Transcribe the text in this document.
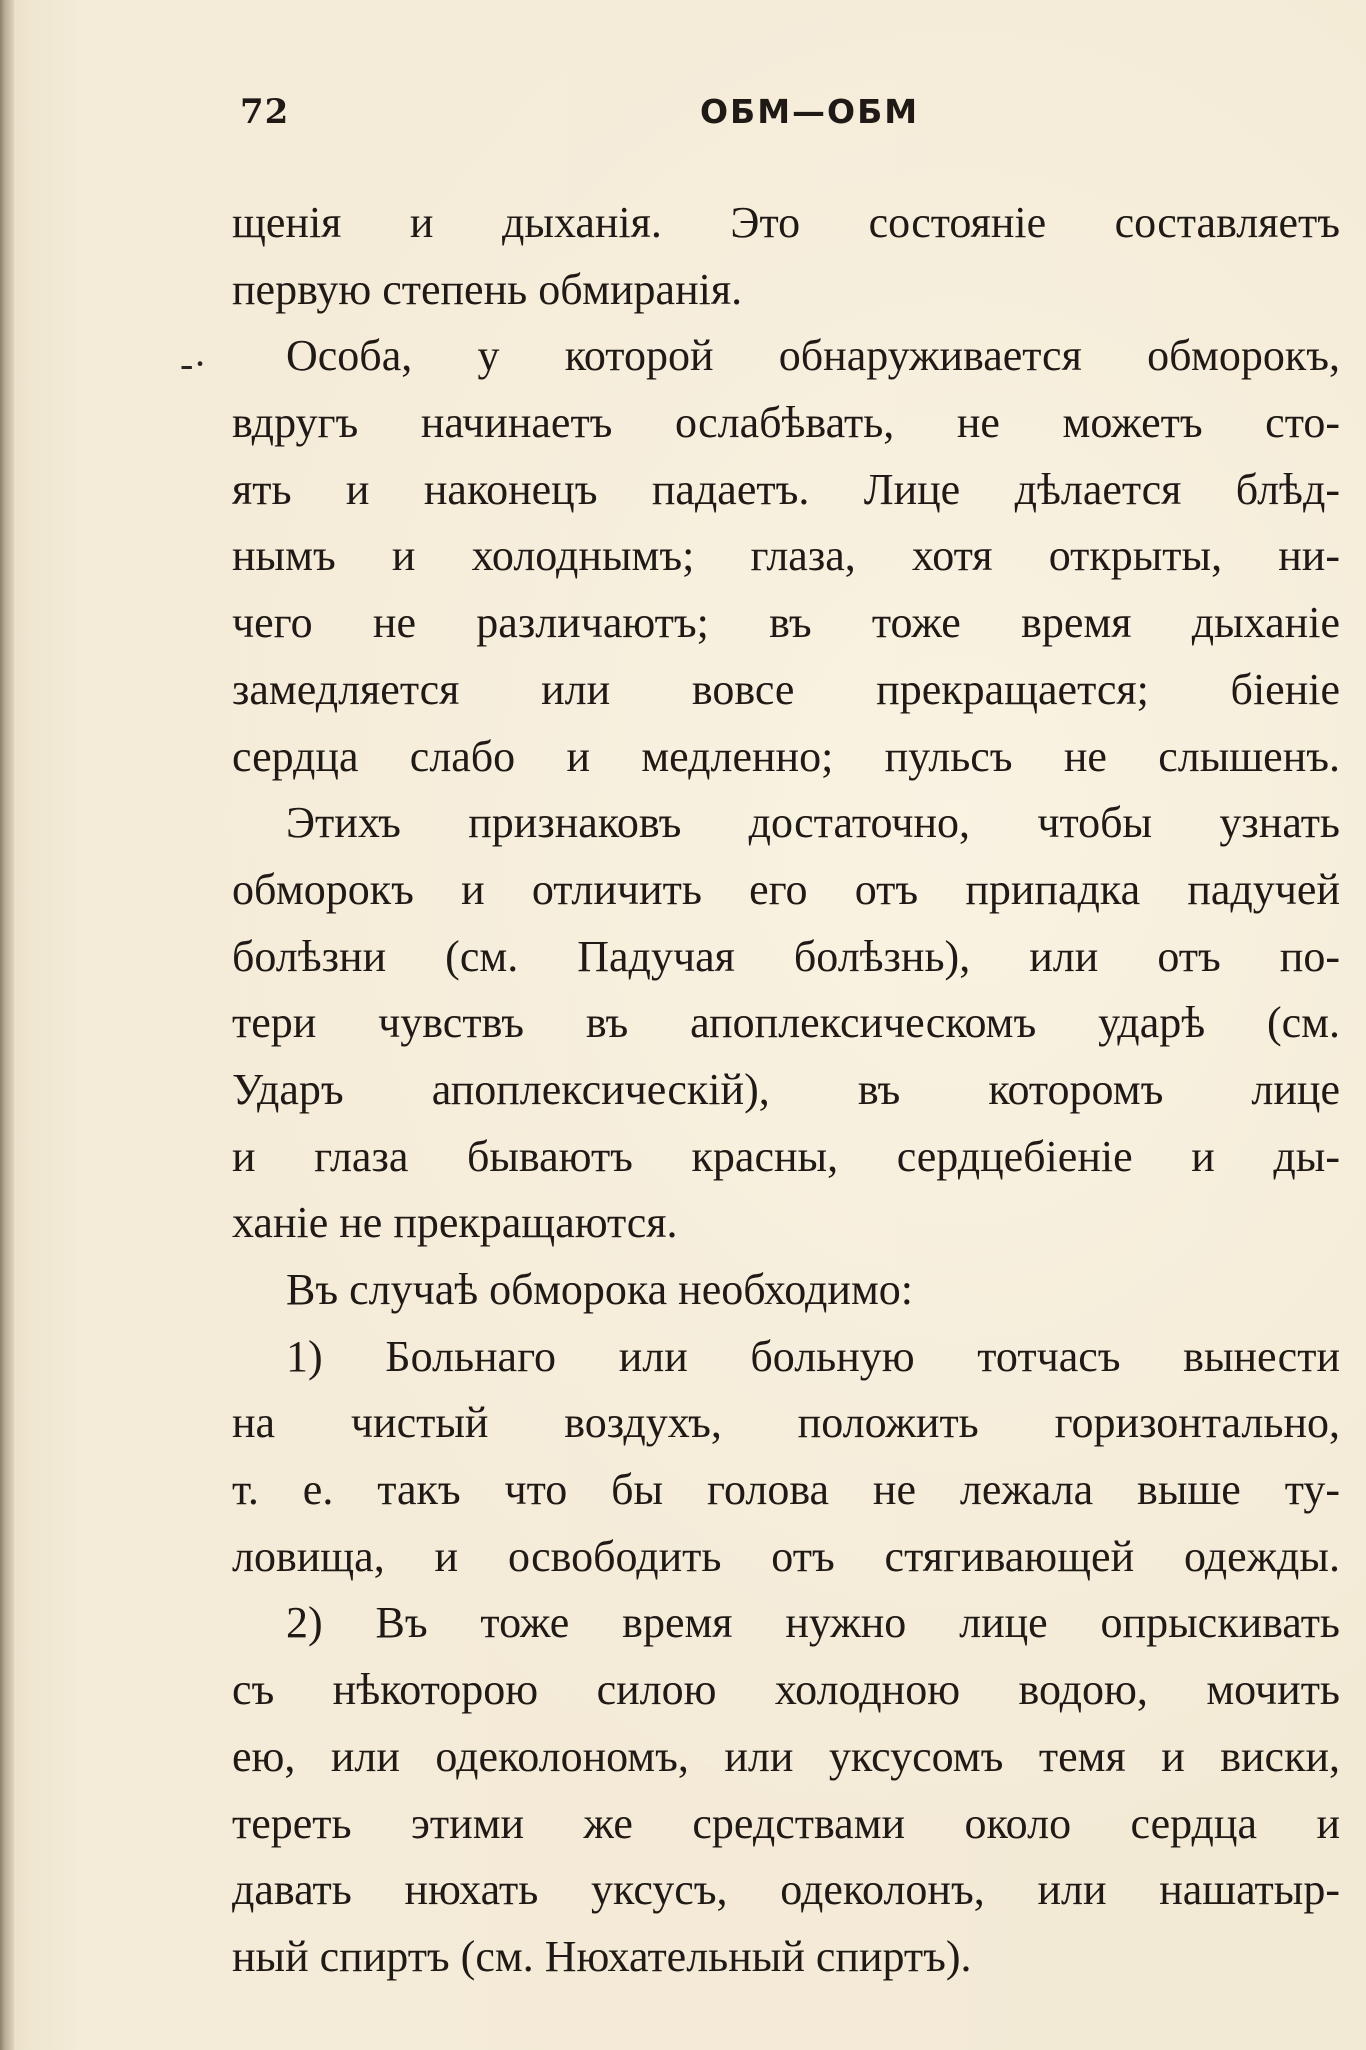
72	ОБМ—ОБМ
-·
щенія и дыханія. Это состояніе составляетъ
первую степень обмиранія.
Особа, у которой обнаруживается обморокъ,
вдругъ начинаетъ ослабѣвать, не можетъ сто-
ять и наконецъ падаетъ. Лице дѣлается блѣд-
нымъ и холоднымъ; глаза, хотя открыты, ни-
чего не различаютъ; въ тоже время дыханіе
замедляется или вовсе прекращается; біеніе
сердца слабо и медленно; пульсъ не слышенъ.
Этихъ признаковъ достаточно, чтобы узнать
обморокъ и отличить его отъ припадка падучей
болѣзни (см. Падучая болѣзнь), или отъ по-
тери чувствъ въ апоплексическомъ ударѣ (см.
Ударъ апоплексическій), въ которомъ лице
и глаза бываютъ красны, сердцебіеніе и ды-
ханіе не прекращаются.
Въ случаѣ обморока необходимо:
1) Больнаго или больную тотчасъ вынести
на чистый воздухъ, положить горизонтально,
т. е. такъ что бы голова не лежала выше ту-
ловища, и освободить отъ стягивающей одежды.
2) Въ тоже время нужно лице опрыскивать
съ нѣкоторою силою холодною водою, мочить
ею, или одеколономъ, или уксусомъ темя и виски,
тереть этими же средствами около сердца и
давать нюхать уксусъ, одеколонъ, или нашатыр-
ный спиртъ (см. Нюхательный спиртъ).
